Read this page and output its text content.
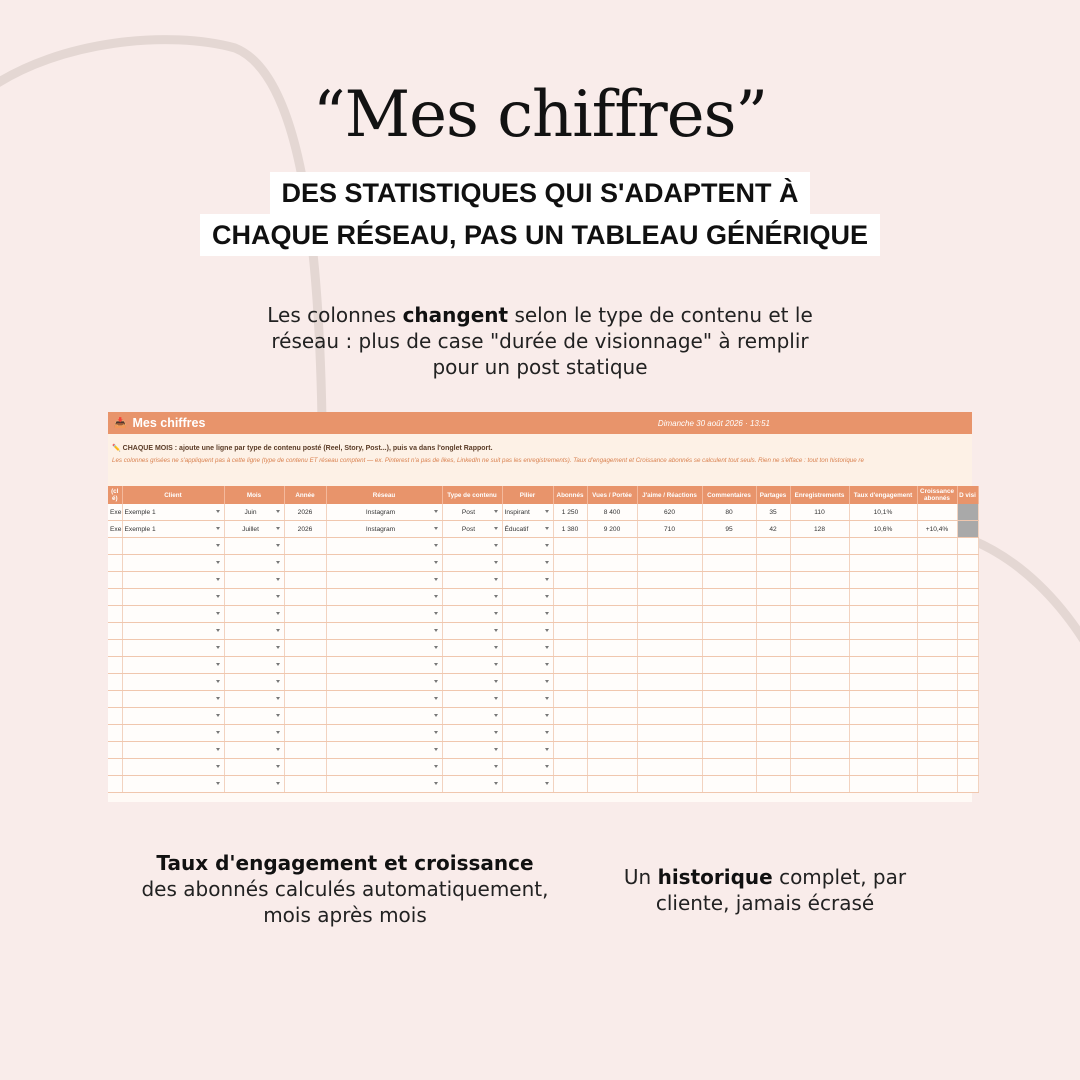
“Mes chiffres”
DES STATISTIQUES QUI S'ADAPTENT À
CHAQUE RÉSEAU, PAS UN TABLEAU GÉNÉRIQUE
Les colonnes changent selon le type de contenu et le réseau : plus de case "durée de visionnage" à remplir pour un post statique
📥 Mes chiffres	Dimanche 30 août 2026 · 13:51
✏️ CHAQUE MOIS : ajoute une ligne par type de contenu posté (Reel, Story, Post...), puis va dans l'onglet Rapport.
Les colonnes grisées ne s'appliquent pas à cette ligne (type de contenu ET réseau comptent — ex. Pinterest n'a pas de likes, LinkedIn ne suit pas les enregistrements). Taux d'engagement et Croissance abonnés se calculent tout seuls. Rien ne s'efface : tout ton historique re
(cl é)	Client	Mois	Année	Réseau	Type de contenu	Pilier	Abonnés	Vues / Portée	J'aime / Réactions	Commentaires	Partages	Enregistrements	Taux d'engagement	Croissance abonnés	D visi
Exe	Exemple 1	Juin	2026	Instagram	Post	Inspirant	1 250	8 400	620	80	35	110	10,1%		
Exe	Exemple 1	Juillet	2026	Instagram	Post	Éducatif	1 380	9 200	710	95	42	128	10,6%	+10,4%	

Taux d'engagement et croissance
des abonnés calculés automatiquement, mois après mois
Un historique complet, par cliente, jamais écrasé
